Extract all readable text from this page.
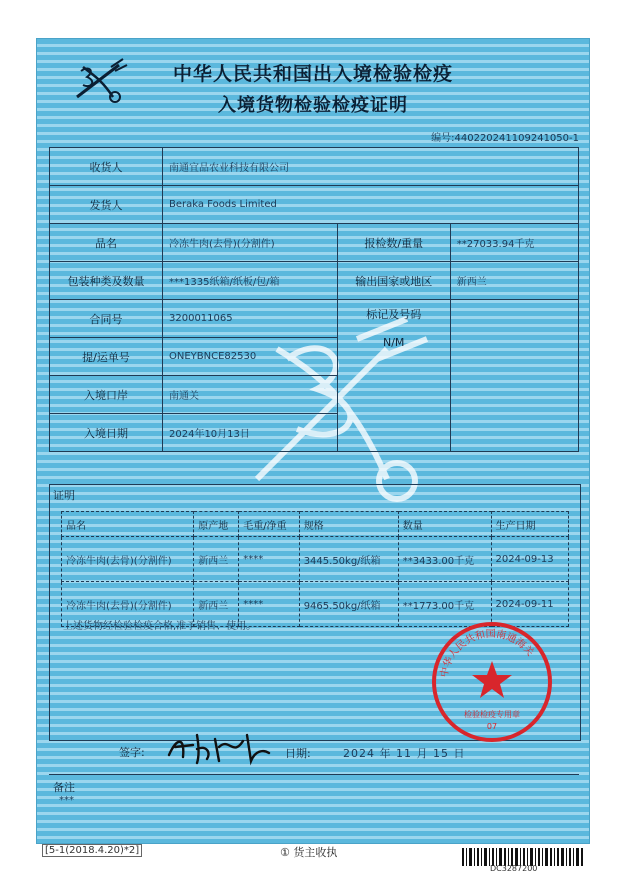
中华人民共和国出入境检验检疫
入境货物检验检疫证明
编号:440220241109241050-1
收货人	南通宜品农业科技有限公司		
发货人	Beraka Foods Limited		
品名	冷冻牛肉(去骨)(分割件)	报检数/重量	**27033.94千克
包装种类及数量	***1335纸箱/纸板/包/箱	输出国家或地区	新西兰
合同号	3200011065	标记及号码
N/M	

提/运单号	ONEYBNCE82530		
入境口岸	南通关		
入境日期	2024年10月13日		
证明
品名	原产地	毛重/净重	规格	数量	生产日期
冷冻牛肉(去骨)(分割件)	新西兰	****	3445.50kg/纸箱	**3433.00千克	2024-09-13
冷冻牛肉(去骨)(分割件)	新西兰	****	9465.50kg/纸箱	**1773.00千克	2024-09-11
上述货物经检验检疫合格,准予销售、使用。
中华人民共和国南通海关
检验检疫专用章
07
签字:	日期:	2024 年 11 月 15 日
备注
***
[5-1(2018.4.20)*2]	① 货主收执
DC3287200
